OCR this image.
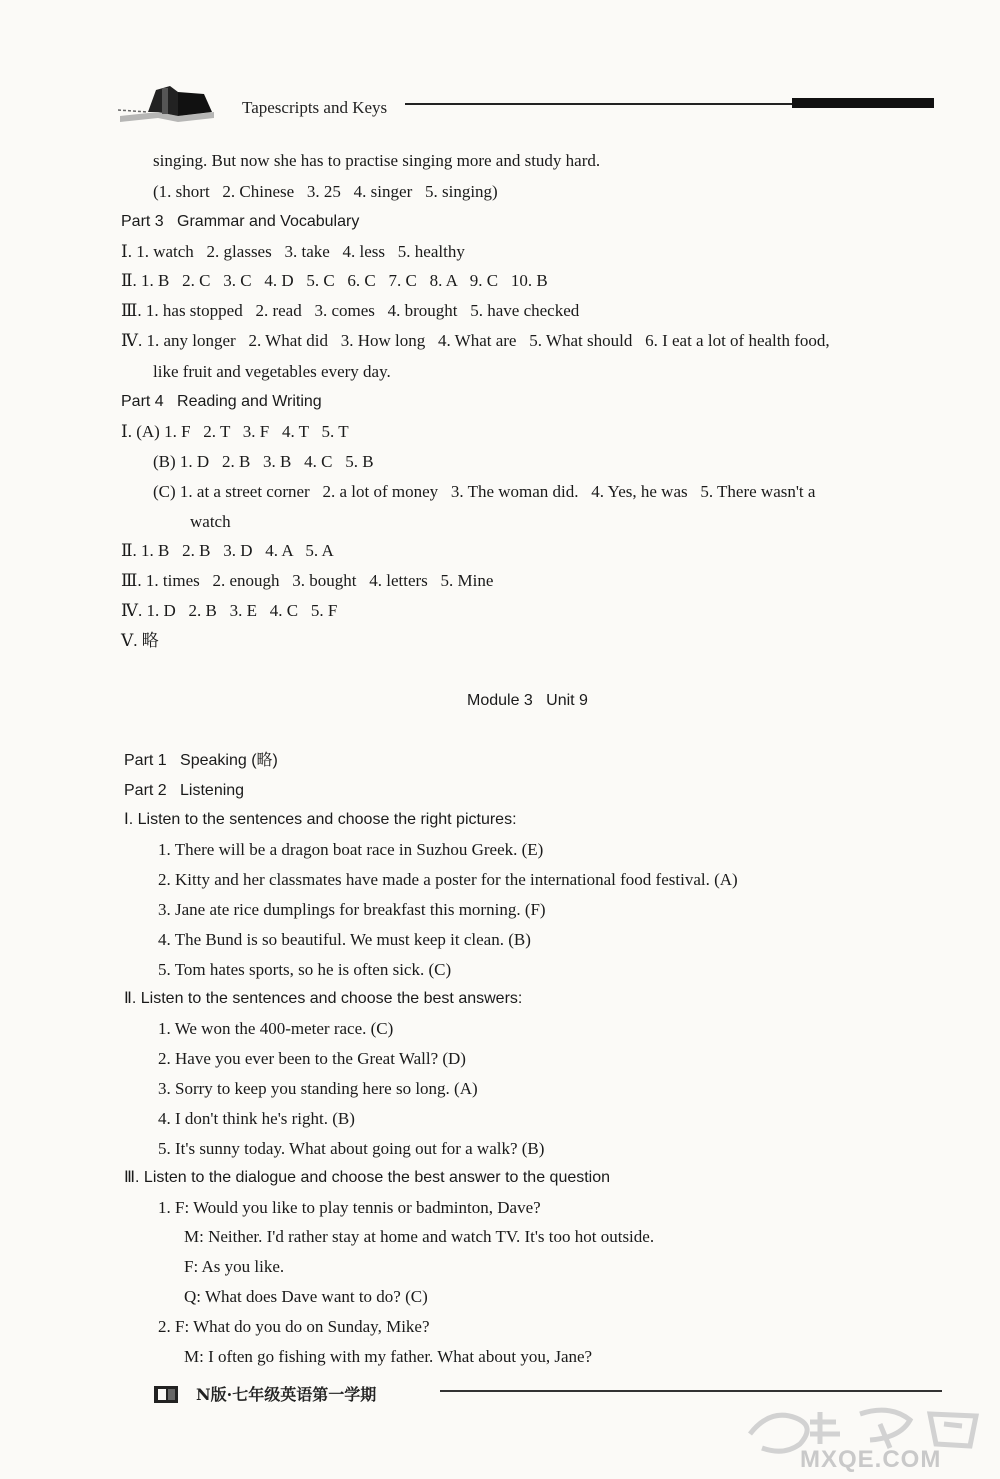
Tapescripts and Keys
singing. But now she has to practise singing more and study hard.
(1. short   2. Chinese   3. 25   4. singer   5. singing)
Part 3   Grammar and Vocabulary
Ⅰ. 1. watch   2. glasses   3. take   4. less   5. healthy
Ⅱ. 1. B   2. C   3. C   4. D   5. C   6. C   7. C   8. A   9. C   10. B
Ⅲ. 1. has stopped   2. read   3. comes   4. brought   5. have checked
Ⅳ. 1. any longer   2. What did   3. How long   4. What are   5. What should   6. I eat a lot of health food,
like fruit and vegetables every day.
Part 4   Reading and Writing
Ⅰ. (A) 1. F   2. T   3. F   4. T   5. T
(B) 1. D   2. B   3. B   4. C   5. B
(C) 1. at a street corner   2. a lot of money   3. The woman did.   4. Yes, he was   5. There wasn't a
watch
Ⅱ. 1. B   2. B   3. D   4. A   5. A
Ⅲ. 1. times   2. enough   3. bought   4. letters   5. Mine
Ⅳ. 1. D   2. B   3. E   4. C   5. F
Ⅴ. 略
Module 3   Unit 9
Part 1   Speaking (略)
Part 2   Listening
Ⅰ. Listen to the sentences and choose the right pictures:
1. There will be a dragon boat race in Suzhou Greek. (E)
2. Kitty and her classmates have made a poster for the international food festival. (A)
3. Jane ate rice dumplings for breakfast this morning. (F)
4. The Bund is so beautiful. We must keep it clean. (B)
5. Tom hates sports, so he is often sick. (C)
Ⅱ. Listen to the sentences and choose the best answers:
1. We won the 400-meter race. (C)
2. Have you ever been to the Great Wall? (D)
3. Sorry to keep you standing here so long. (A)
4. I don't think he's right. (B)
5. It's sunny today. What about going out for a walk? (B)
Ⅲ. Listen to the dialogue and choose the best answer to the question
1. F: Would you like to play tennis or badminton, Dave?
M: Neither. I'd rather stay at home and watch TV. It's too hot outside.
F: As you like.
Q: What does Dave want to do? (C)
2. F: What do you do on Sunday, Mike?
M: I often go fishing with my father. What about you, Jane?
N版·七年级英语第一学期
MXQE.COM
